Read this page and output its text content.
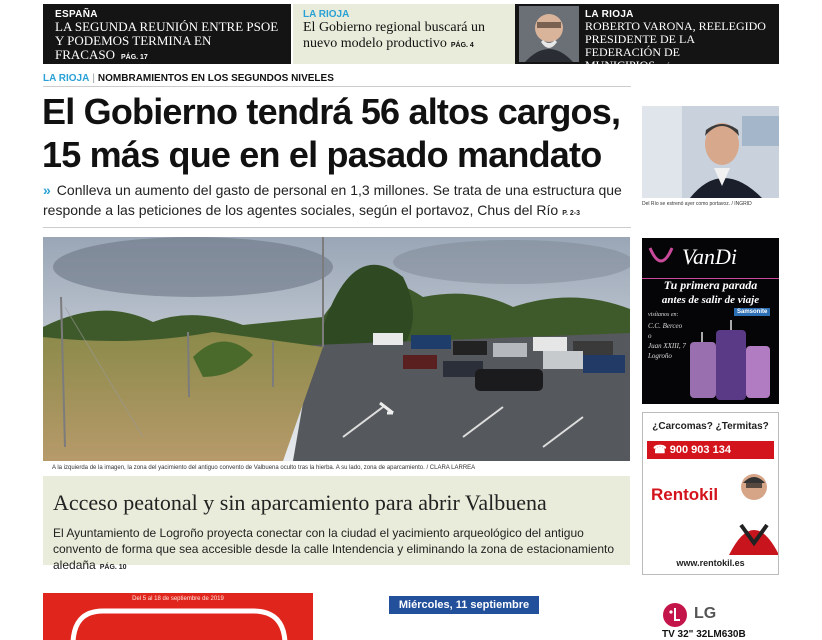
ESPAÑA
LA SEGUNDA REUNIÓN ENTRE PSOE Y PODEMOS TERMINA EN FRACASO PÁG. 17
LA RIOJA
El Gobierno regional buscará un nuevo modelo productivo PÁG. 4
LA RIOJA
ROBERTO VARONA, REELEGIDO PRESIDENTE DE LA FEDERACIÓN DE MUNICIPIOS PÁG. 7
LA RIOJA | NOMBRAMIENTOS EN LOS SEGUNDOS NIVELES
El Gobierno tendrá 56 altos cargos,
15 más que en el pasado mandato
» Conlleva un aumento del gasto de personal en 1,3 millones. Se trata de una estructura que responde a las peticiones de los agentes sociales, según el portavoz, Chus del Río P. 2-3
Del Río se estrenó ayer como portavoz. / INGRID
A la izquierda de la imagen, la zona del yacimiento del antiguo convento de Valbuena oculto tras la hierba. A su lado, zona de aparcamiento. / CLARA LARREA
Acceso peatonal y sin aparcamiento para abrir Valbuena
El Ayuntamiento de Logroño proyecta conectar con la ciudad el yacimiento arqueológico del antiguo convento de forma que sea accesible desde la calle Intendencia y eliminando la zona de estacionamiento aledaña PÁG. 10
VanDi
Tu primera parada
antes de salir de viaje
visítanos en:
C.C. Berceo
o
Juan XXIII, 7
Logroño
Samsonite
¿Carcomas? ¿Termitas?
☎ 900 903 134
Rentokil
www.rentokil.es
Del 5 al 18 de septiembre de 2019	Miércoles, 11 septiembre	LG
TV 32" 32LM630B
